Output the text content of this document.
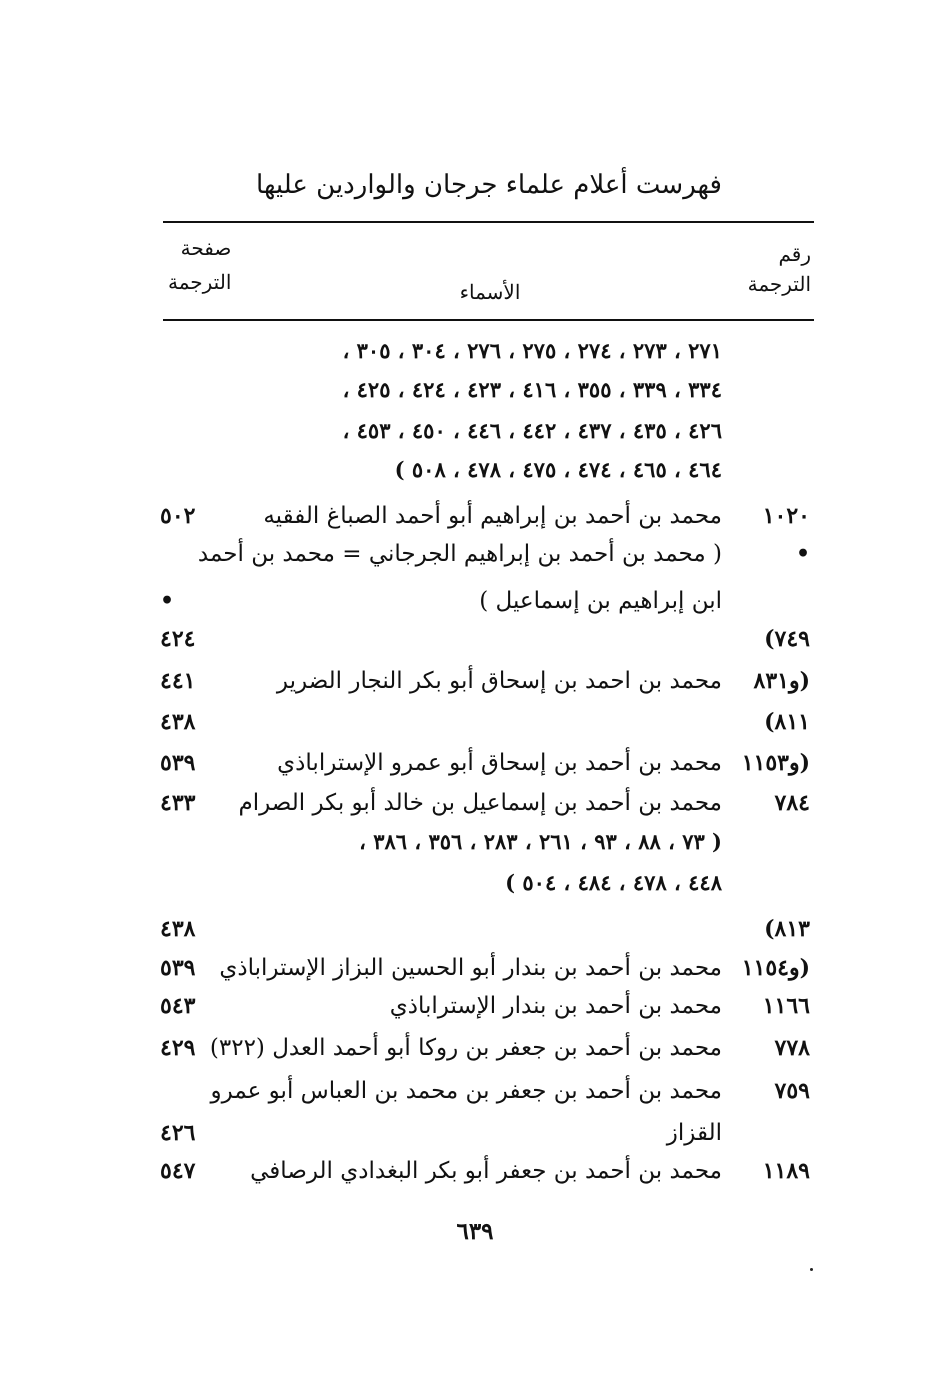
فهرست أعلام علماء جرجان والواردين عليها
رقم
الترجمة
الأسماء
صفحة
الترجمة
٢٧١ ، ٢٧٣ ، ٢٧٤ ، ٢٧٥ ، ٢٧٦ ، ٣٠٤ ، ٣٠٥ ،
٣٣٤ ، ٣٣٩ ، ٣٥٥ ، ٤١٦ ، ٤٢٣ ، ٤٢٤ ، ٤٢٥ ،
٤٢٦ ، ٤٣٥ ، ٤٣٧ ، ٤٤٢ ، ٤٤٦ ، ٤٥٠ ، ٤٥٣ ،
٤٦٤ ، ٤٦٥ ، ٤٧٤ ، ٤٧٥ ، ٤٧٨ ، ٥٠٨ )
١٠٢٠
محمد بن أحمد بن إبراهيم أبو أحمد الصباغ الفقيه
٥٠٢
•
( محمد بن أحمد بن إبراهيم الجرجاني = محمد بن أحمد
ابن إبراهيم بن إسماعيل )
•
٧٤٩)
٤٢٤
(و٨٣١
محمد بن احمد بن إسحاق أبو بكر النجار الضرير
٤٤١
٨١١)
٤٣٨
(و١١٥٣
محمد بن أحمد بن إسحاق أبو عمرو الإستراباذي
٥٣٩
٧٨٤
محمد بن أحمد بن إسماعيل بن خالد أبو بكر الصرام
٤٣٣
( ٧٣ ، ٨٨ ، ٩٣ ، ٢٦١ ، ٢٨٣ ، ٣٥٦ ، ٣٨٦ ،
٤٤٨ ، ٤٧٨ ، ٤٨٤ ، ٥٠٤ )
٨١٣)
٤٣٨
(و١١٥٤
محمد بن أحمد بن بندار أبو الحسين البزاز الإستراباذي
٥٣٩
١١٦٦
محمد بن أحمد بن بندار الإستراباذي
٥٤٣
٧٧٨
محمد بن أحمد بن جعفر بن روكا أبو أحمد العدل (٣٢٢)
٤٢٩
٧٥٩
محمد بن أحمد بن جعفر بن محمد بن العباس أبو عمرو
القزاز
٤٢٦
١١٨٩
محمد بن أحمد بن جعفر أبو بكر البغدادي الرصافي
٥٤٧
٦٣٩
